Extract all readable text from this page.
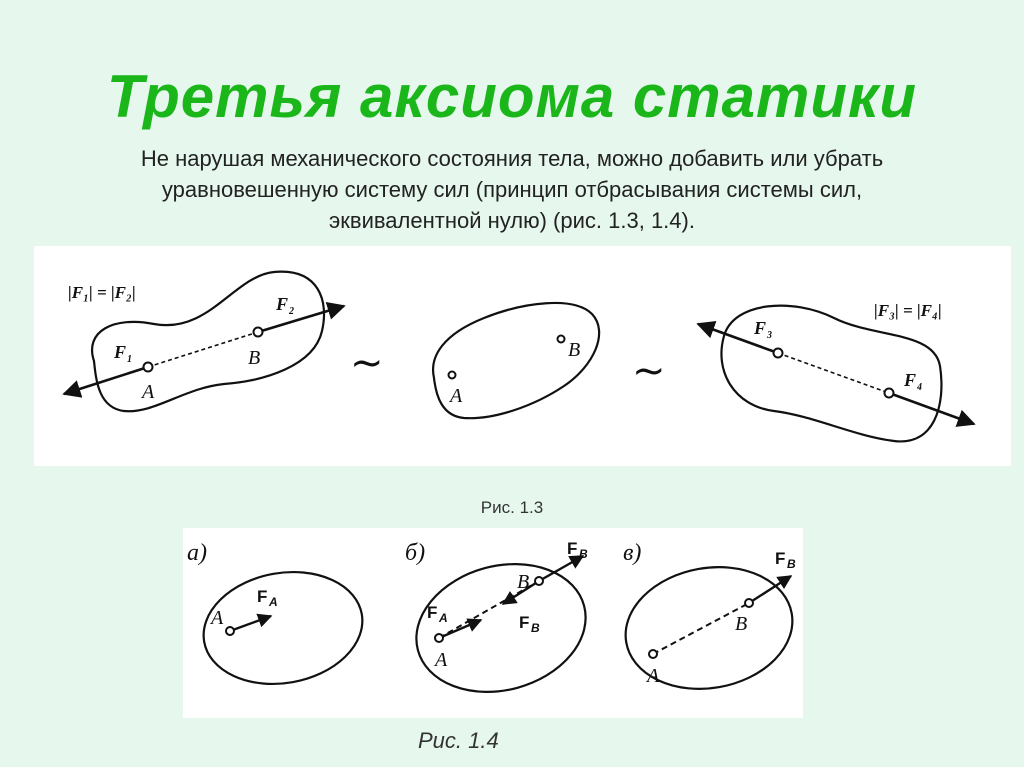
Третья аксиома статики
Не нарушая механического состояния тела, можно добавить или убрать
уравновешенную систему сил (принцип отбрасывания системы сил,
эквивалентной нулю) (рис. 1.3, 1.4).
|F₁| = |F₂|
A
B
F 1
F 2
~
A
B ~
|F₃| = |F₄|
F 3
F 4
Рис. 1.3
а)
A
F A
б)
A
B
F A
F B
F B
в)
A
B
F B
Рис. 1.4
